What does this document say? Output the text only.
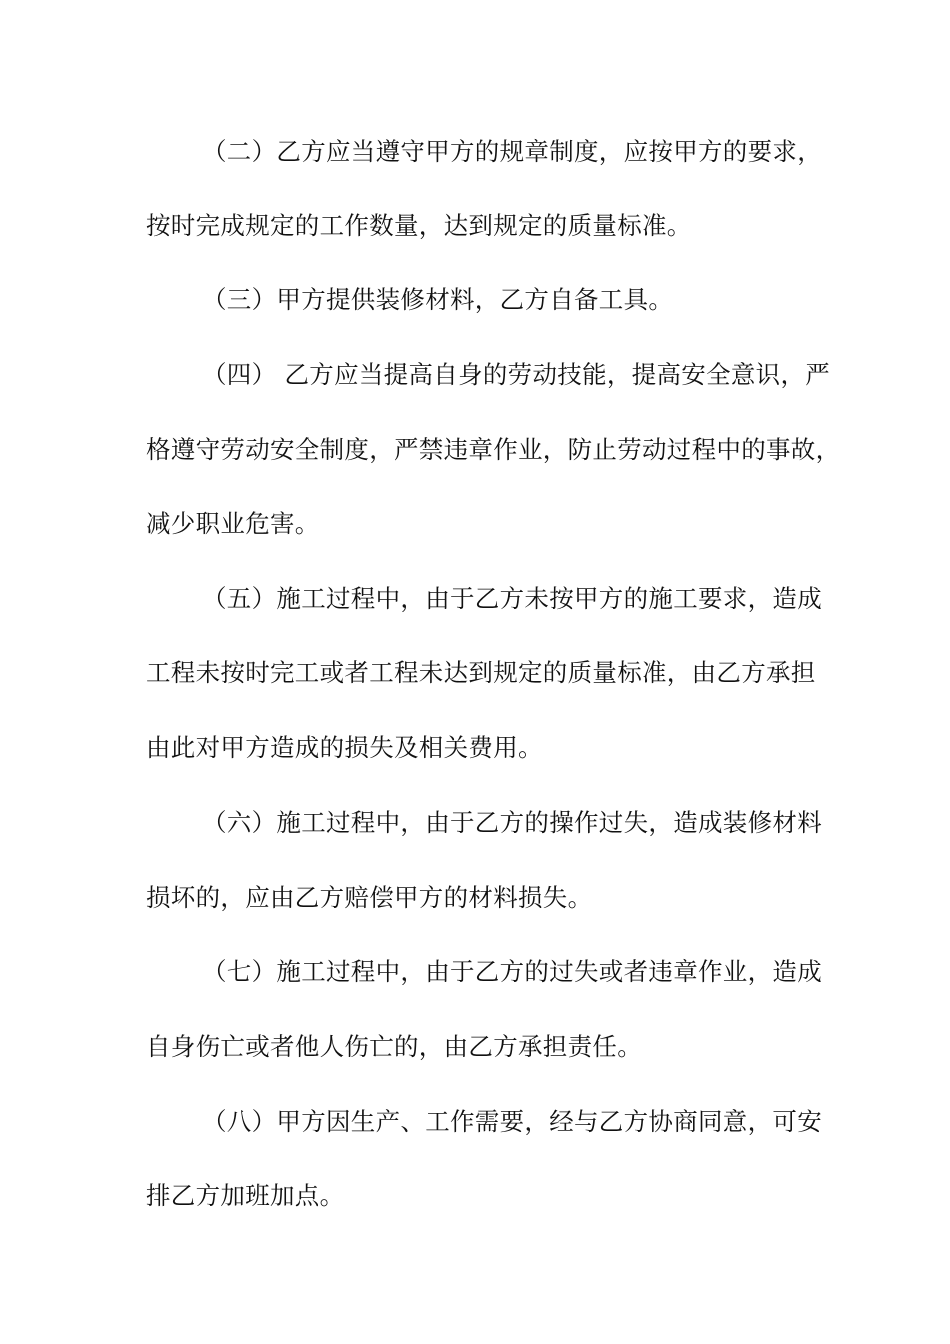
（二）乙方应当遵守甲方的规章制度，应按甲方的要求，
按时完成规定的工作数量，达到规定的质量标准。
（三）甲方提供装修材料，乙方自备工具。
（四） 乙方应当提高自身的劳动技能，提高安全意识，严
格遵守劳动安全制度，严禁违章作业，防止劳动过程中的事故，
减少职业危害。
（五）施工过程中，由于乙方未按甲方的施工要求，造成
工程未按时完工或者工程未达到规定的质量标准，由乙方承担
由此对甲方造成的损失及相关费用。
（六）施工过程中，由于乙方的操作过失，造成装修材料
损坏的，应由乙方赔偿甲方的材料损失。
（七）施工过程中，由于乙方的过失或者违章作业，造成
自身伤亡或者他人伤亡的，由乙方承担责任。
（八）甲方因生产、工作需要，经与乙方协商同意，可安
排乙方加班加点。
